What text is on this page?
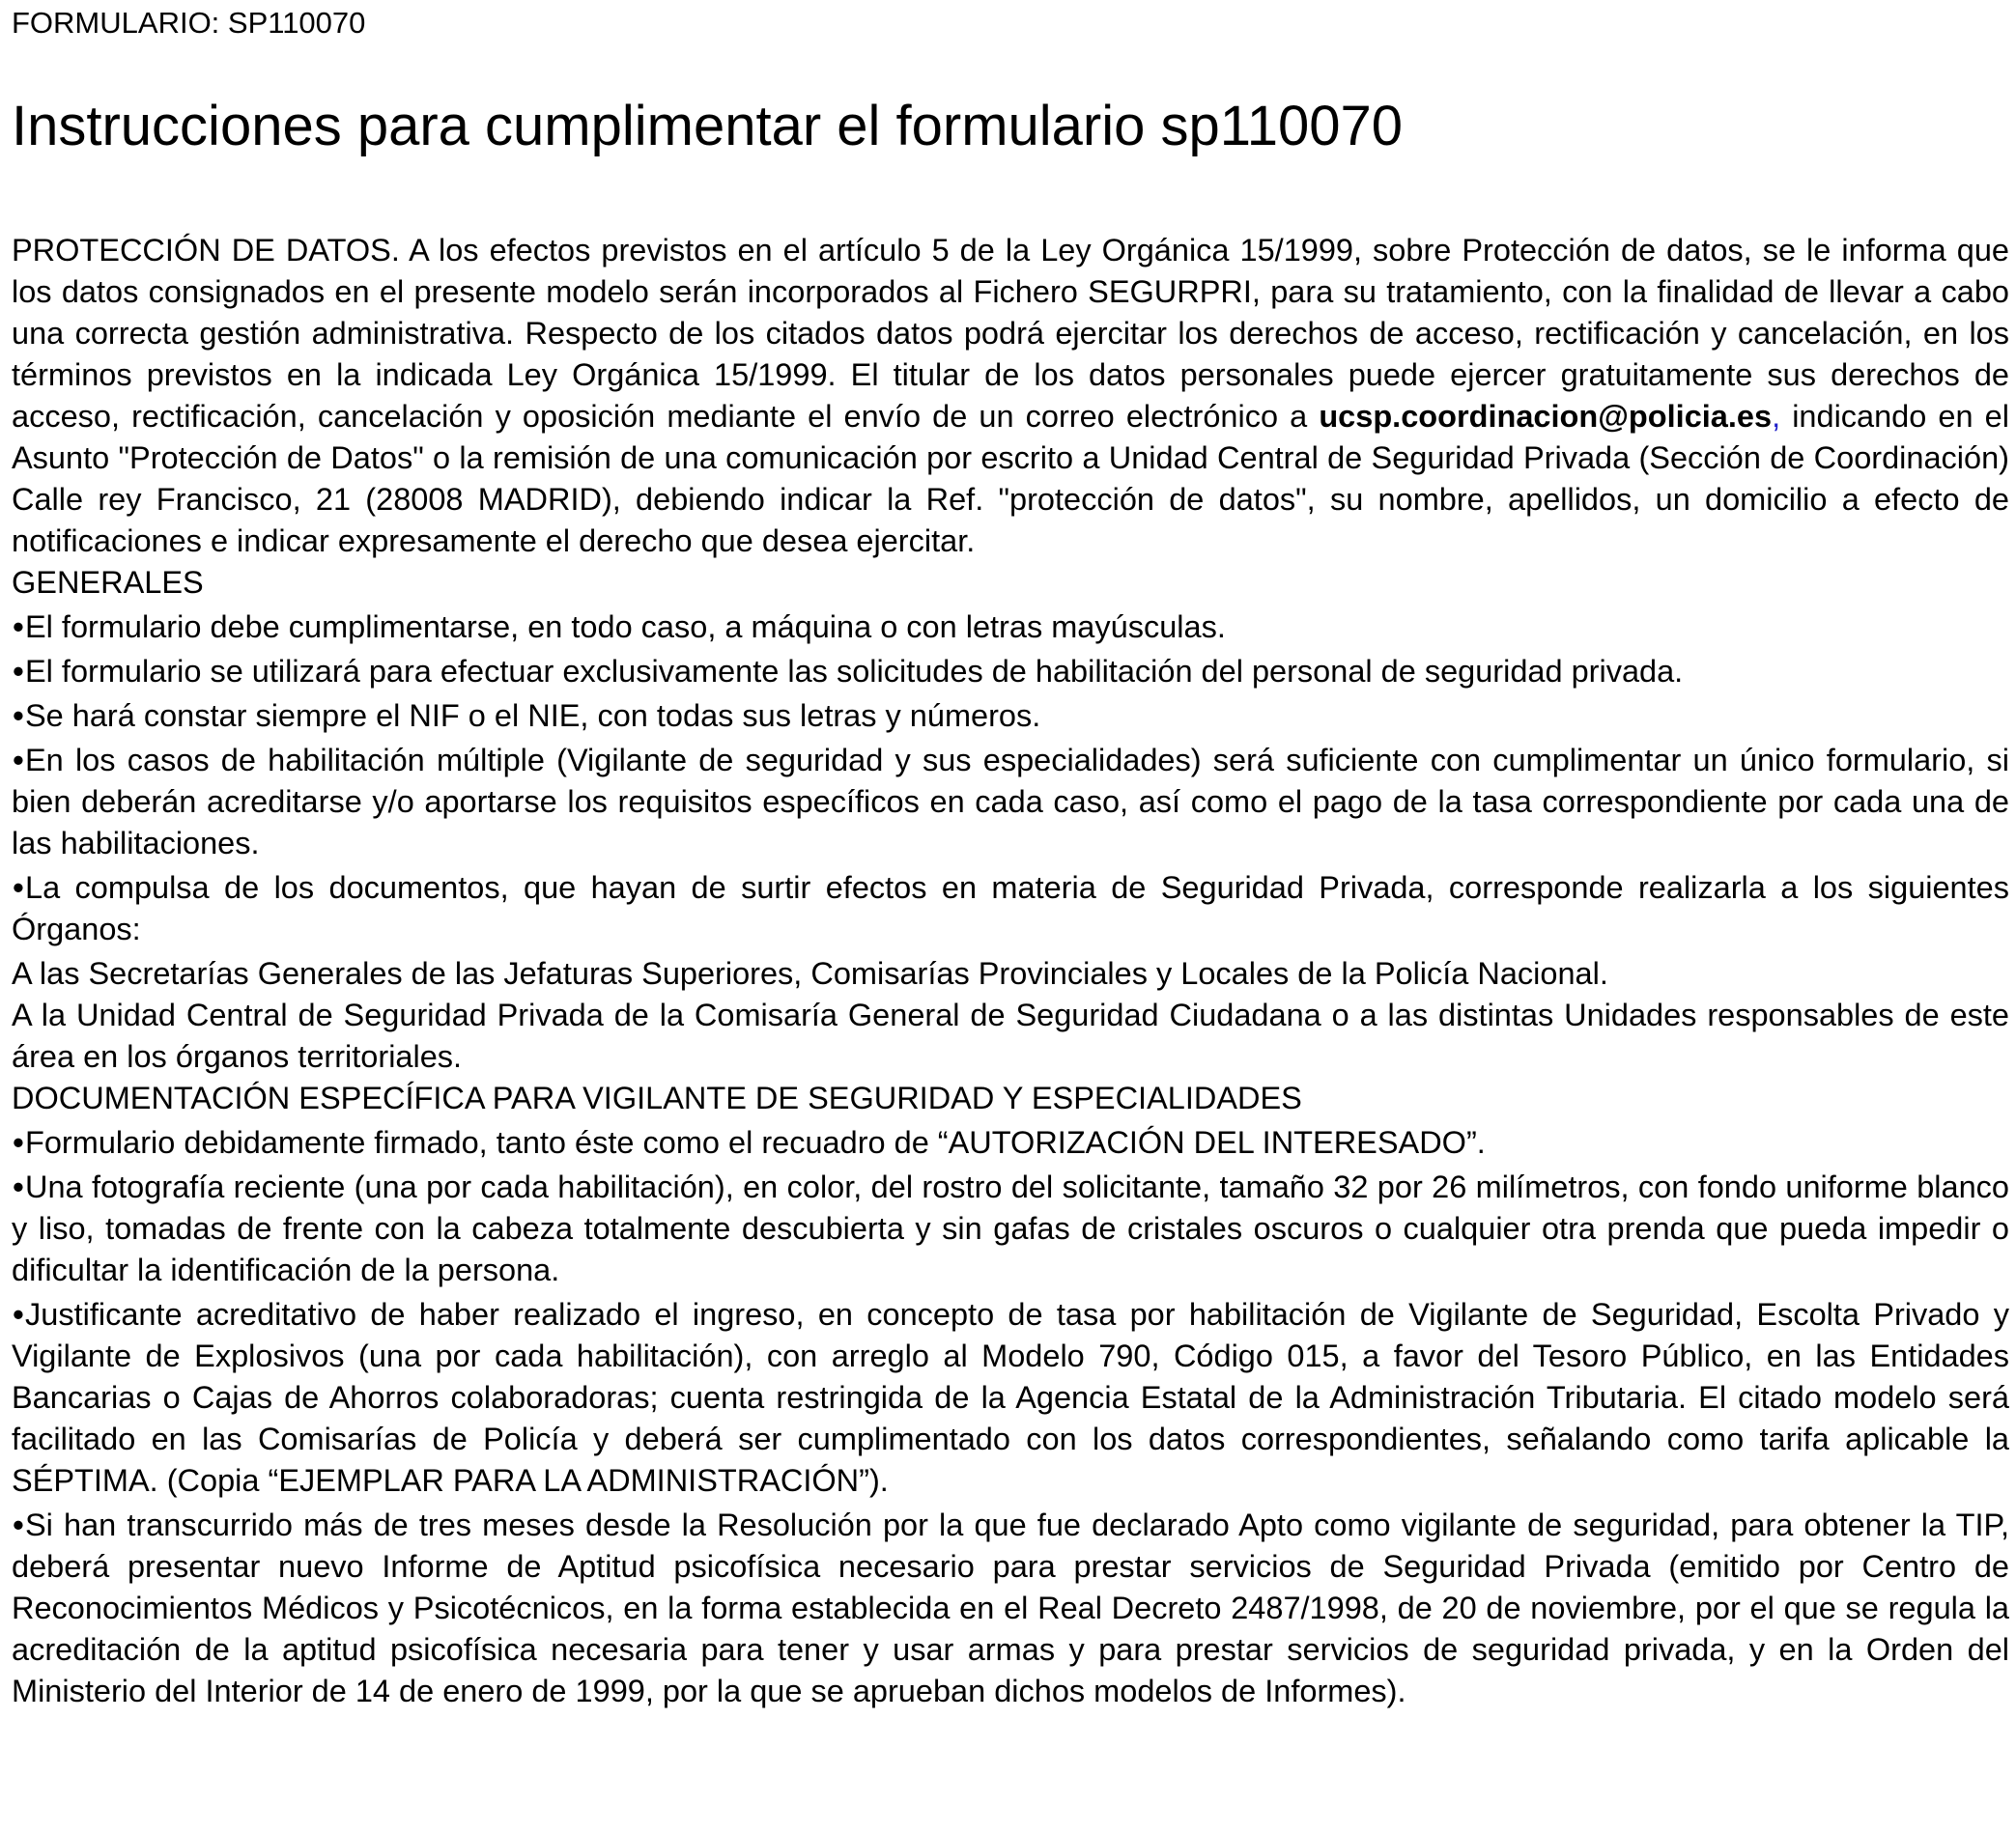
FORMULARIO: SP110070
Instrucciones para cumplimentar el formulario sp110070

PROTECCIÓN DE DATOS. A los efectos previstos en el artículo 5 de la Ley Orgánica 15/1999, sobre Protección de datos, se le informa que los datos consignados en el presente modelo serán incorporados al Fichero SEGURPRI, para su tratamiento, con la finalidad de llevar a cabo una correcta gestión administrativa. Respecto de los citados datos podrá ejercitar los derechos de acceso, rectificación y cancelación, en los términos previstos en la indicada Ley Orgánica 15/1999. El titular de los datos personales puede ejercer gratuitamente sus derechos de acceso, rectificación, cancelación y oposición mediante el envío de un correo electrónico a ucsp.coordinacion@policia.es, indicando en el Asunto "Protección de Datos" o la remisión de una comunicación por escrito a Unidad Central de Seguridad Privada (Sección de Coordinación) Calle rey Francisco, 21 (28008 MADRID), debiendo indicar la Ref. "protección de datos", su nombre, apellidos, un domicilio a efecto de notificaciones e indicar expresamente el derecho que desea ejercitar.

GENERALES

•El formulario debe cumplimentarse, en todo caso, a máquina o con letras mayúsculas.

•El formulario se utilizará para efectuar exclusivamente las solicitudes de habilitación del personal de seguridad privada.

•Se hará constar siempre el NIF o el NIE, con todas sus letras y números.

•En los casos de habilitación múltiple (Vigilante de seguridad y sus especialidades) será suficiente con cumplimentar un único formulario, si bien deberán acreditarse y/o aportarse los requisitos específicos en cada caso, así como el pago de la tasa correspondiente por cada una de las habilitaciones.

•La compulsa de los documentos, que hayan de surtir efectos en materia de Seguridad Privada, corresponde realizarla a los siguientes Órganos:

A las Secretarías Generales de las Jefaturas Superiores, Comisarías Provinciales y Locales de la Policía Nacional.

A la Unidad Central de Seguridad Privada de la Comisaría General de Seguridad Ciudadana o a las distintas Unidades responsables de este área en los órganos territoriales.

DOCUMENTACIÓN ESPECÍFICA PARA VIGILANTE DE SEGURIDAD Y ESPECIALIDADES

•Formulario debidamente firmado, tanto éste como el recuadro de “AUTORIZACIÓN DEL INTERESADO”.

•Una fotografía reciente (una por cada habilitación), en color, del rostro del solicitante, tamaño 32 por 26 milímetros, con fondo uniforme blanco y liso, tomadas de frente con la cabeza totalmente descubierta y sin gafas de cristales oscuros o cualquier otra prenda que pueda impedir o dificultar la identificación de la persona.

•Justificante acreditativo de haber realizado el ingreso, en concepto de tasa por habilitación de Vigilante de Seguridad, Escolta Privado y Vigilante de Explosivos (una por cada habilitación), con arreglo al Modelo 790, Código 015, a favor del Tesoro Público, en las Entidades Bancarias o Cajas de Ahorros colaboradoras; cuenta restringida de la Agencia Estatal de la Administración Tributaria. El citado modelo será facilitado en las Comisarías de Policía y deberá ser cumplimentado con los datos correspondientes, señalando como tarifa aplicable la SÉPTIMA. (Copia “EJEMPLAR PARA LA ADMINISTRACIÓN”).

•Si han transcurrido más de tres meses desde la Resolución por la que fue declarado Apto como vigilante de seguridad, para obtener la TIP, deberá presentar nuevo Informe de Aptitud psicofísica necesario para prestar servicios de Seguridad Privada (emitido por Centro de Reconocimientos Médicos y Psicotécnicos, en la forma establecida en el Real Decreto 2487/1998, de 20 de noviembre, por el que se regula la acreditación de la aptitud psicofísica necesaria para tener y usar armas y para prestar servicios de seguridad privada, y en la Orden del Ministerio del Interior de 14 de enero de 1999, por la que se aprueban dichos modelos de Informes).
